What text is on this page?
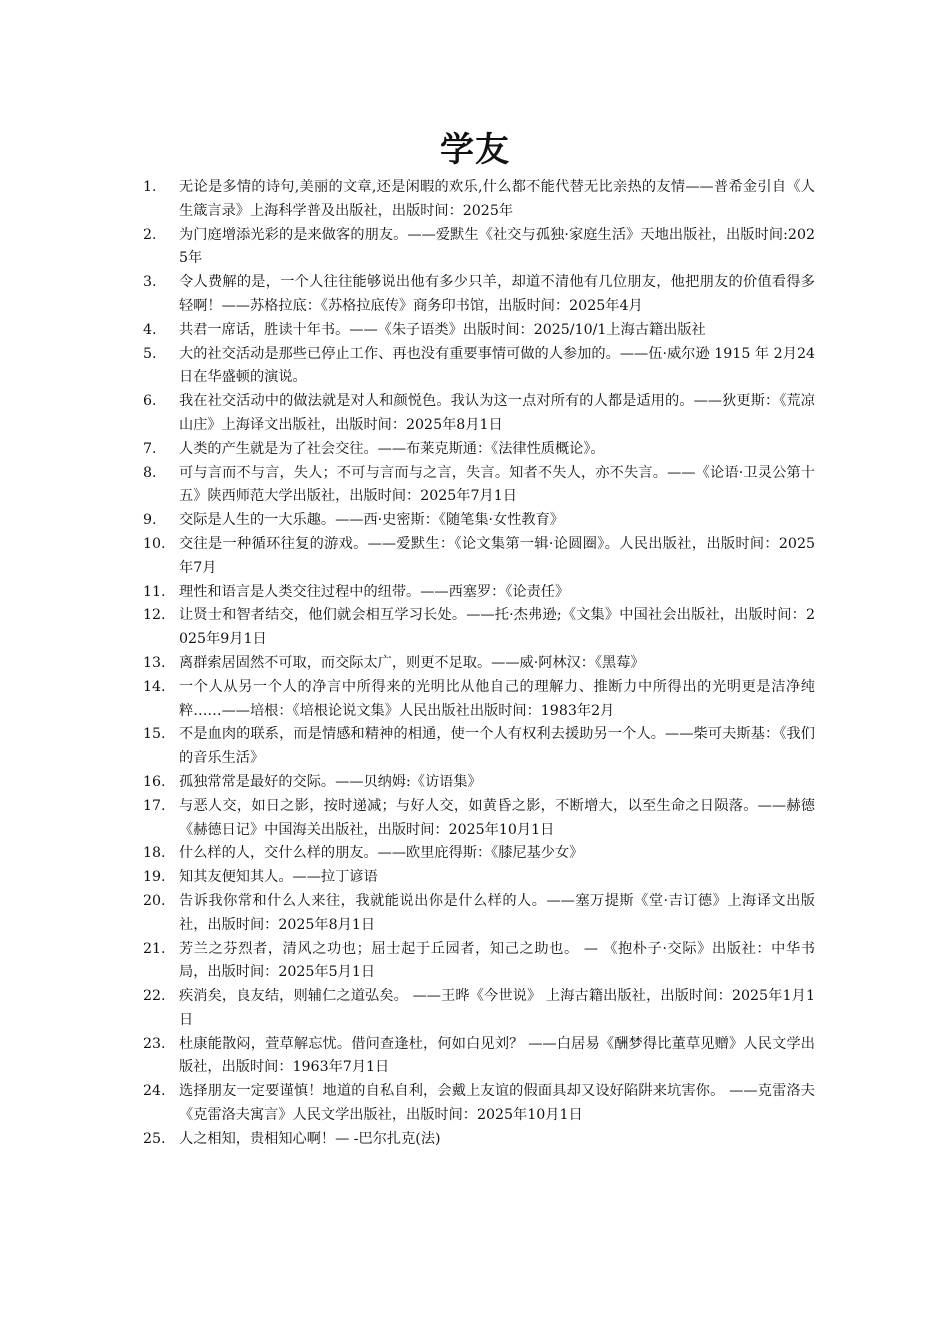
学友
1.	无论是多情的诗句,美丽的文章,还是闲暇的欢乐,什么都不能代替无比亲热的友情——普希金引自《人生箴言录》上海科学普及出版社，出版时间：2025年
2.	为门庭增添光彩的是来做客的朋友。——爱默生《社交与孤独·家庭生活》天地出版社，出版时间:2025年
3.	令人费解的是，一个人往往能够说出他有多少只羊，却道不清他有几位朋友，他把朋友的价值看得多轻啊！——苏格拉底：《苏格拉底传》商务印书馆，出版时间：2025年4月
4.	共君一席话，胜读十年书。——《朱子语类》出版时间：2025/10/1上海古籍出版社
5.	大的社交活动是那些已停止工作、再也没有重要事情可做的人参加的。——伍·威尔逊 1915 年 2月24日在华盛顿的演说。
6.	我在社交活动中的做法就是对人和颜悦色。我认为这一点对所有的人都是适用的。——狄更斯：《荒凉山庄》上海译文出版社，出版时间：2025年8月1日
7.	人类的产生就是为了社会交往。——布莱克斯通：《法律性质概论》。
8.	可与言而不与言，失人；不可与言而与之言，失言。知者不失人，亦不失言。——《论语·卫灵公第十五》陕西师范大学出版社，出版时间：2025年7月1日
9.	交际是人生的一大乐趣。——西·史密斯：《随笔集·女性教育》
10. 交往是一种循环往复的游戏。——爱默生：《论文集第一辑·论圆圈》。人民出版社，出版时间：2025年7月
11. 理性和语言是人类交往过程中的纽带。——西塞罗：《论责任》
12. 让贤士和智者结交，他们就会相互学习长处。——托·杰弗逊;《文集》中国社会出版社，出版时间：2025年9月1日
13. 离群索居固然不可取，而交际太广，则更不足取。——威·阿林汉：《黑莓》
14. 一个人从另一个人的净言中所得来的光明比从他自己的理解力、推断力中所得出的光明更是洁净纯粹……——培根：《培根论说文集》人民出版社出版时间：1983年2月
15. 不是血肉的联系，而是情感和精神的相通，使一个人有权利去援助另一个人。——柴可夫斯基：《我们的音乐生活》
16. 孤独常常是最好的交际。——贝纳姆:《访语集》
17. 与恶人交，如日之影，按时递减；与好人交，如黄昏之影，不断增大，以至生命之日陨落。——赫德《赫德日记》中国海关出版社，出版时间：2025年10月1日
18. 什么样的人，交什么样的朋友。——欧里庇得斯：《膝尼基少女》
19. 知其友便知其人。——拉丁谚语
20. 告诉我你常和什么人来往，我就能说出你是什么样的人。——塞万提斯《堂·吉订德》上海译文出版社，出版时间：2025年8月1日
21. 芳兰之芬烈者，清风之功也；屈士起于丘园者，知己之助也。 — 《抱朴子·交际》出版社：中华书局，出版时间：2025年5月1日
22. 疾消矣，良友结，则辅仁之道弘矣。 ——王晔《今世说》 上海古籍出版社，出版时间：2025年1月1日
23. 杜康能散闷，萱草解忘忧。借问查逢杜，何如白见刘？ ——白居易《酬梦得比董草见赠》人民文学出版社，出版时间：1963年7月1日
24. 选择朋友一定要谨慎！地道的自私自利，会戴上友谊的假面具却又设好陷阱来坑害你。 ——克雷洛夫《克雷洛夫寓言》人民文学出版社，出版时间：2025年10月1日
25. 人之相知，贵相知心啊！— -巴尔扎克(法)
